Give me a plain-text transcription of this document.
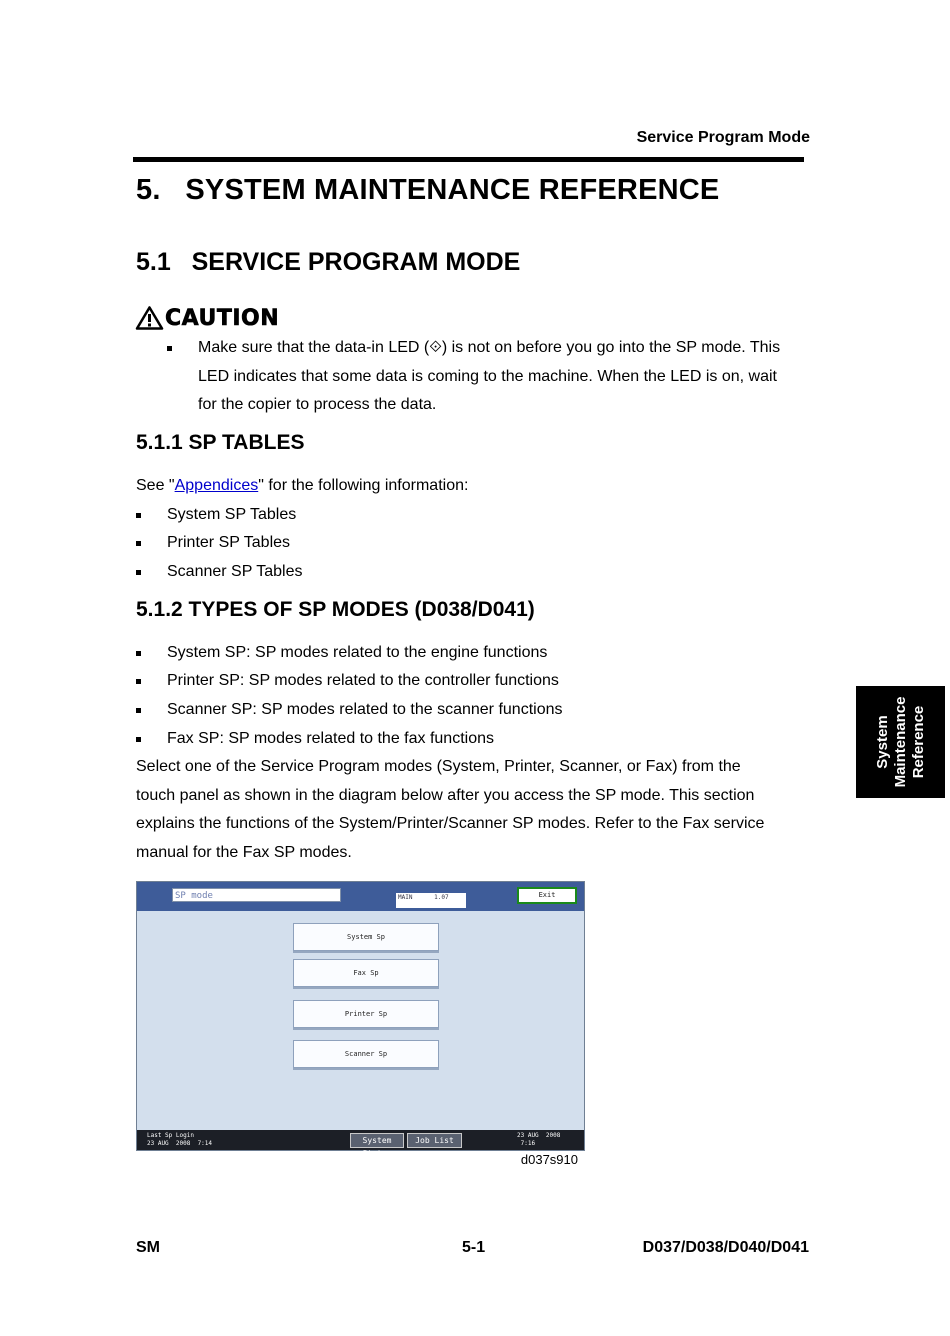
Service Program Mode
5.   SYSTEM MAINTENANCE REFERENCE
5.1   SERVICE PROGRAM MODE
CAUTION
Make sure that the data-in LED (⟐) is not on before you go into the SP mode. This
LED indicates that some data is coming to the machine. When the LED is on, wait
for the copier to process the data.
5.1.1 SP TABLES
See "Appendices" for the following information:
System SP Tables
Printer SP Tables
Scanner SP Tables
5.1.2 TYPES OF SP MODES (D038/D041)
System SP: SP modes related to the engine functions
Printer SP: SP modes related to the controller functions
Scanner SP: SP modes related to the scanner functions
Fax SP: SP modes related to the fax functions
Select one of the Service Program modes (System, Printer, Scanner, or Fax) from the
touch panel as shown in the diagram below after you access the SP mode. This section
explains the functions of the System/Printer/Scanner SP modes. Refer to the Fax service
manual for the Fax SP modes.
System Maintenance Reference
SP mode	MAIN      1.07	Exit
System Sp
Fax Sp
Printer Sp
Scanner Sp
Last Sp Login
23 AUG  2008  7:14	System Status
Job List
23 AUG  2008
7:16
d037s910
SM	5-1	D037/D038/D040/D041
